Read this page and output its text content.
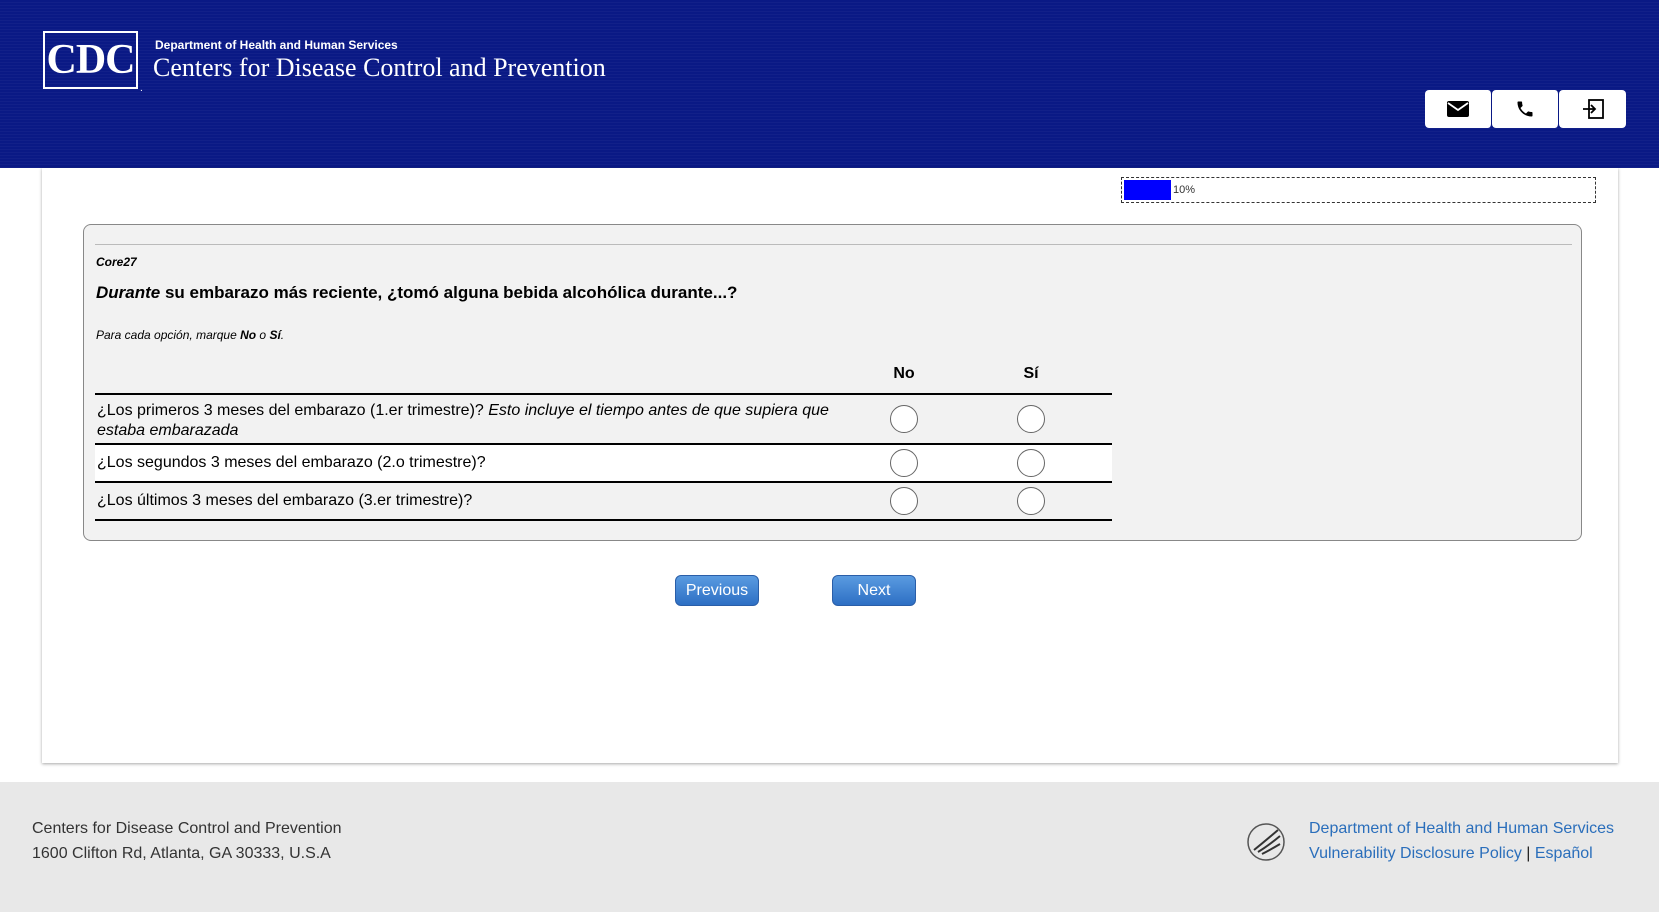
CDC
.
Department of Health and Human Services
Centers for Disease Control and Prevention
10%
Core27
Durante su embarazo más reciente, ¿tomó alguna bebida alcohólica durante...?
Para cada opción, marque No o Sí.
No	Sí
¿Los primeros 3 meses del embarazo (1.er trimestre)? Esto incluye el tiempo antes de que supiera que estaba embarazada
¿Los segundos 3 meses del embarazo (2.o trimestre)?
¿Los últimos 3 meses del embarazo (3.er trimestre)?
Previous	Next
Centers for Disease Control and Prevention
1600 Clifton Rd, Atlanta, GA 30333, U.S.A
Department of Health and Human Services
Vulnerability Disclosure Policy | Español
